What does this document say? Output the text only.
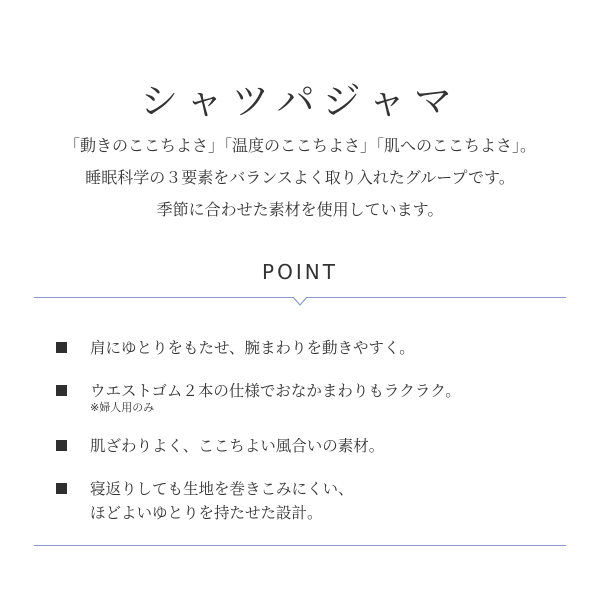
シャツパジャマ
「動きのここちよさ」「温度のここちよさ」「肌へのここちよさ」。
睡眠科学の３要素をバランスよく取り入れたグループです。
季節に合わせた素材を使用しています。
POINT
肩にゆとりをもたせ、腕まわりを動きやすく。
ウエストゴム２本の仕様でおなかまわりもラクラク。
※婦人用のみ
肌ざわりよく、ここちよい風合いの素材。
寝返りしても生地を巻きこみにくい、
ほどよいゆとりを持たせた設計。
